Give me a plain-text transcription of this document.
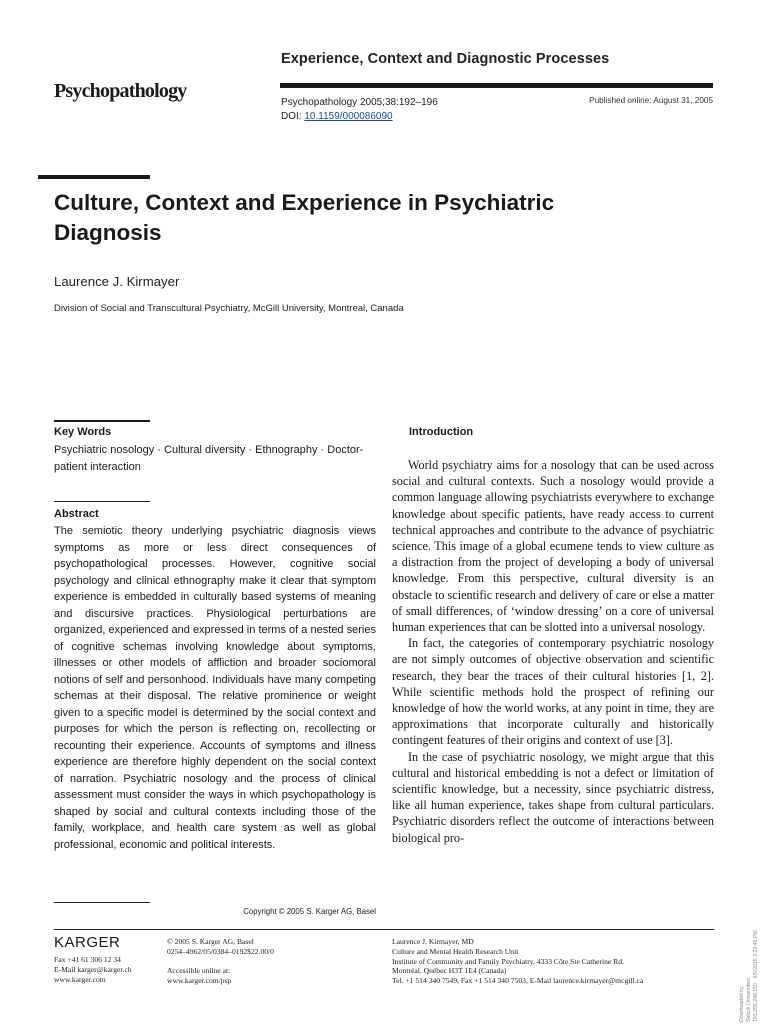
Experience, Context and Diagnostic Processes
Psychopathology
Psychopathology 2005;38:192–196
DOI: 10.1159/000086090
Published online: August 31, 2005
Culture, Context and Experience in Psychiatric Diagnosis
Laurence J. Kirmayer
Division of Social and Transcultural Psychiatry, McGill University, Montreal, Canada
Key Words
Psychiatric nosology · Cultural diversity · Ethnography · Doctor-patient interaction
Abstract
The semiotic theory underlying psychiatric diagnosis views symptoms as more or less direct consequences of psychopathological processes. However, cognitive social psychology and clinical ethnography make it clear that symptom experience is embedded in culturally based systems of meaning and discursive practices. Physiological perturbations are organized, experienced and expressed in terms of a nested series of cognitive schemas involving knowledge about symptoms, illnesses or other models of affliction and broader sociomoral notions of self and personhood. Individuals have many competing schemas at their disposal. The relative prominence or weight given to a specific model is determined by the social context and purposes for which the person is reflecting on, recollecting or recounting their experience. Accounts of symptoms and illness experience are therefore highly dependent on the social context of narration. Psychiatric nosology and the process of clinical assessment must consider the ways in which psychopathology is shaped by social and cultural contexts including those of the family, workplace, and health care system as well as global professional, economic and political interests.
Copyright © 2005 S. Karger AG, Basel
Introduction

World psychiatry aims for a nosology that can be used across social and cultural contexts. Such a nosology would provide a common language allowing psychiatrists everywhere to exchange knowledge about specific patients, have ready access to current technical approaches and contribute to the advance of psychiatric science. This image of a global ecumene tends to view culture as a distraction from the project of developing a body of universal knowledge. From this perspective, cultural diversity is an obstacle to scientific research and delivery of care or else a matter of small differences, of ‘window dressing’ on a core of universal human experiences that can be slotted into a universal nosology.

In fact, the categories of contemporary psychiatric nosology are not simply outcomes of objective observation and scientific research, they bear the traces of their cultural histories [1, 2]. While scientific methods hold the prospect of refining our knowledge of how the world works, at any point in time, they are approximations that incorporate culturally and historically contingent features of their origins and context of use [3].

In the case of psychiatric nosology, we might argue that this cultural and historical embedding is not a defect or limitation of scientific knowledge, but a necessity, since psychiatric distress, like all human experience, takes shape from cultural particulars. Psychiatric disorders reflect the outcome of interactions between biological pro-

KARGER
Fax +41 61 306 12 34
E-Mail karger@karger.ch
www.karger.com
© 2005 S. Karger AG, Basel
0254–4962/05/0384–0192$22.00/0
Accessible online at:
www.karger.com/psp
Laurence J. Kirmayer, MD
Culture and Mental Health Research Unit
Institute of Community and Family Psychiatry, 4333 Côte Ste Catherine Rd.
Montréal, Québec H3T 1E4 (Canada)
Tel. +1 514 340 7549, Fax +1 514 340 7503, E-Mail laurence.kirmayer@mcgill.ca
Downloaded by: Selçuk Üniversitesi 193.255.248.150 - 9/5/2015 2:23:45 PM
